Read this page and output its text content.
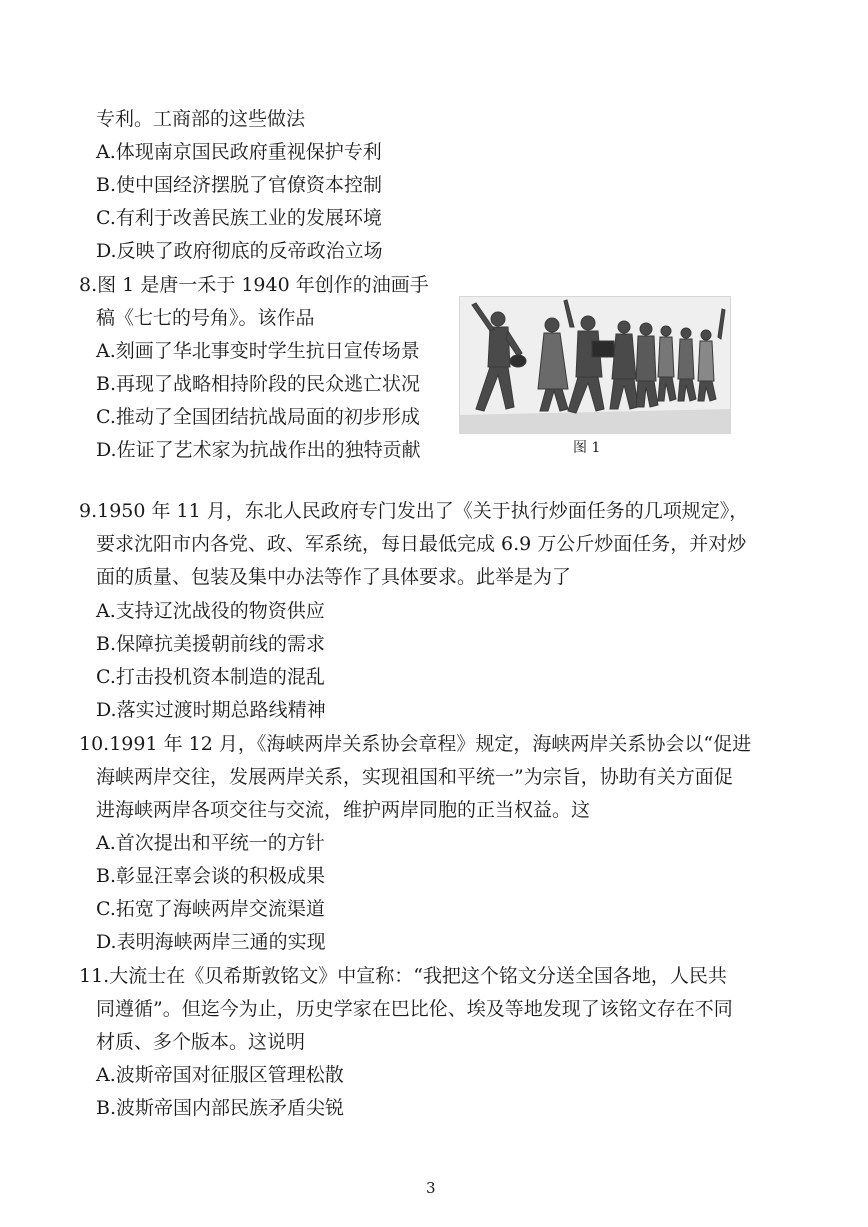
专利。工商部的这些做法
A.体现南京国民政府重视保护专利
B.使中国经济摆脱了官僚资本控制
C.有利于改善民族工业的发展环境
D.反映了政府彻底的反帝政治立场
8.图 1 是唐一禾于 1940 年创作的油画手
稿《七七的号角》。该作品
A.刻画了华北事变时学生抗日宣传场景
B.再现了战略相持阶段的民众逃亡状况
C.推动了全国团结抗战局面的初步形成
D.佐证了艺术家为抗战作出的独特贡献	图 1
9.1950 年 11 月，东北人民政府专门发出了《关于执行炒面任务的几项规定》，
要求沈阳市内各党、政、军系统，每日最低完成 6.9 万公斤炒面任务，并对炒
面的质量、包装及集中办法等作了具体要求。此举是为了
A.支持辽沈战役的物资供应
B.保障抗美援朝前线的需求
C.打击投机资本制造的混乱
D.落实过渡时期总路线精神
10.1991 年 12 月，《海峡两岸关系协会章程》规定，海峡两岸关系协会以“促进
海峡两岸交往，发展两岸关系，实现祖国和平统一”为宗旨，协助有关方面促
进海峡两岸各项交往与交流，维护两岸同胞的正当权益。这
A.首次提出和平统一的方针
B.彰显汪辜会谈的积极成果
C.拓宽了海峡两岸交流渠道
D.表明海峡两岸三通的实现
11.大流士在《贝希斯敦铭文》中宣称：“我把这个铭文分送全国各地，人民共
同遵循”。但迄今为止，历史学家在巴比伦、埃及等地发现了该铭文存在不同
材质、多个版本。这说明
A.波斯帝国对征服区管理松散
B.波斯帝国内部民族矛盾尖锐
3
